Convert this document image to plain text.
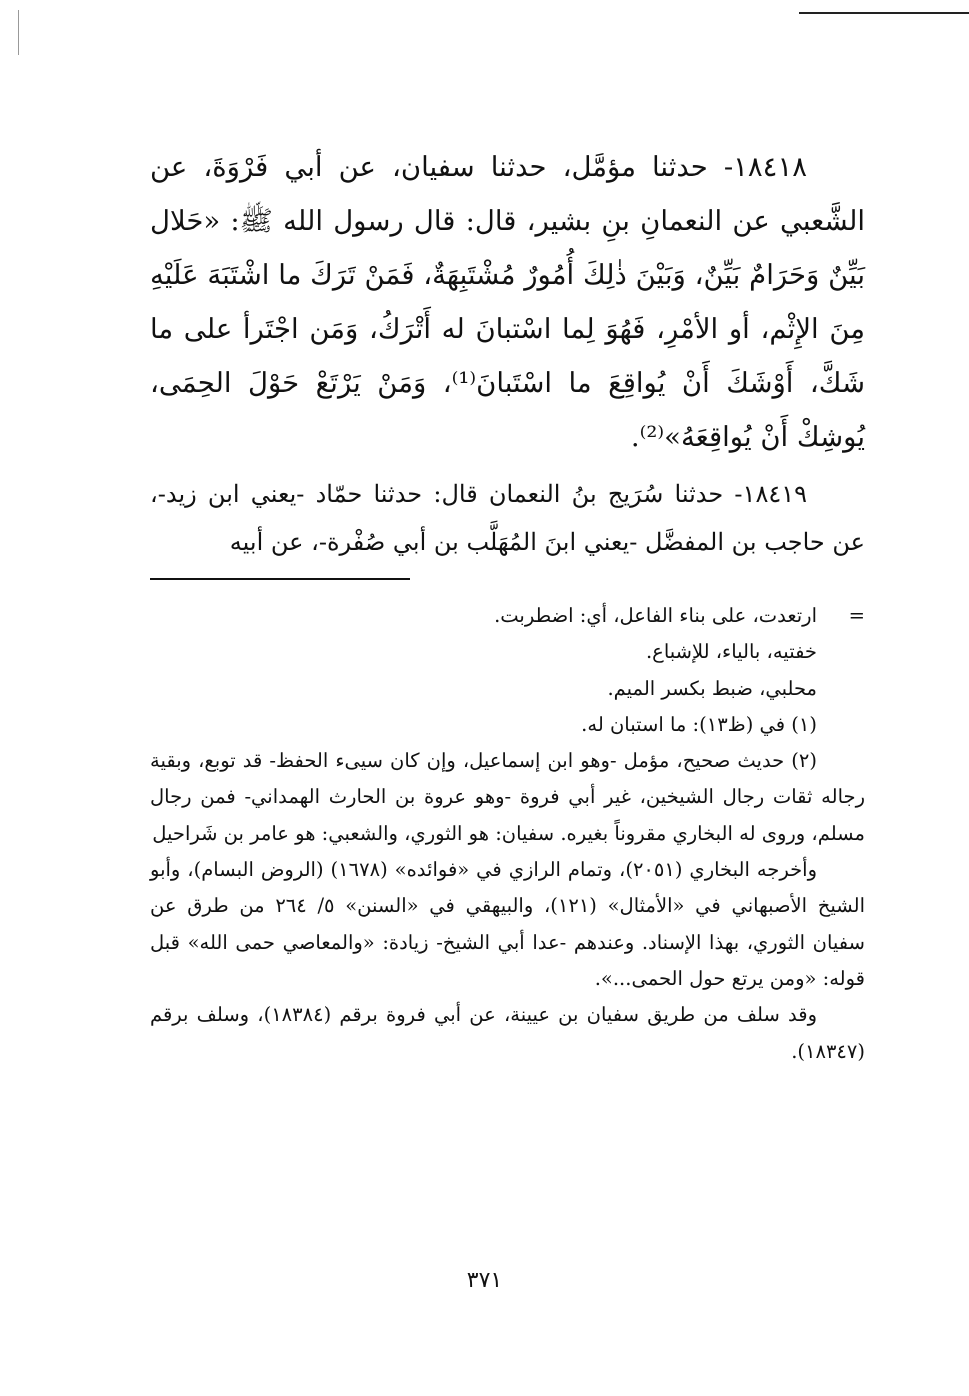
١٨٤١٨- حدثنا مؤمَّل، حدثنا سفيان، عن أبي فَرْوَةَ، عن الشَّعبي عن النعمانِ بنِ بشير، قال: قال رسول الله ﷺ: «حَلال بَيِّنٌ وَحَرَامٌ بَيِّنٌ، وَبَيْنَ ذٰلِكَ أُمُورٌ مُشْتَبِهَةٌ، فَمَنْ تَرَكَ ما اشْتَبَهَ عَلَيْهِ مِنَ الإِثْم، أو الأمْرِ، فَهُوَ لِما اسْتبانَ له أَتْرَكُ، وَمَن اجْتَرأ على ما شَكَّ، أَوْشَكَ أَنْ يُواقِعَ ما اسْتَبانَ⁽¹⁾، وَمَنْ يَرْتَعْ حَوْلَ الحِمَى، يُوشِكْ أَنْ يُواقِعَهُ»⁽²⁾.

١٨٤١٩- حدثنا سُرَيج بنُ النعمان قال: حدثنا حمّاد -يعني ابن زيد-، عن حاجب بن المفضَّل -يعني ابنَ المُهَلَّب بن أبي صُفْرة-، عن أبيه

=ارتعدت، على بناء الفاعل، أي: اضطربت.

خفتيه، بالياء، للإشباع.

محلبي، ضبط بكسر الميم.

(١) في (ظ١٣): ما استبان له.

(٢) حديث صحيح، مؤمل -وهو ابن إسماعيل، وإن كان سيىء الحفظ- قد توبع، وبقية رجاله ثقات رجال الشيخين، غير أبي فروة -وهو عروة بن الحارث الهمداني- فمن رجال مسلم، وروى له البخاري مقروناً بغيره. سفيان: هو الثوري، والشعبي: هو عامر بن شَراحيل

وأخرجه البخاري (٢٠٥١)، وتمام الرازي في «فوائده» (١٦٧٨) (الروض البسام)، وأبو الشيخ الأصبهاني في «الأمثال» (١٢١)، والبيهقي في «السنن» ٥/ ٢٦٤ من طرق عن سفيان الثوري، بهذا الإسناد. وعندهم -عدا أبي الشيخ- زيادة: «والمعاصي حمى الله» قبل قوله: «ومن يرتع حول الحمى...».

وقد سلف من طريق سفيان بن عيينة، عن أبي فروة برقم (١٨٣٨٤)، وسلف برقم (١٨٣٤٧).

٣٧١
